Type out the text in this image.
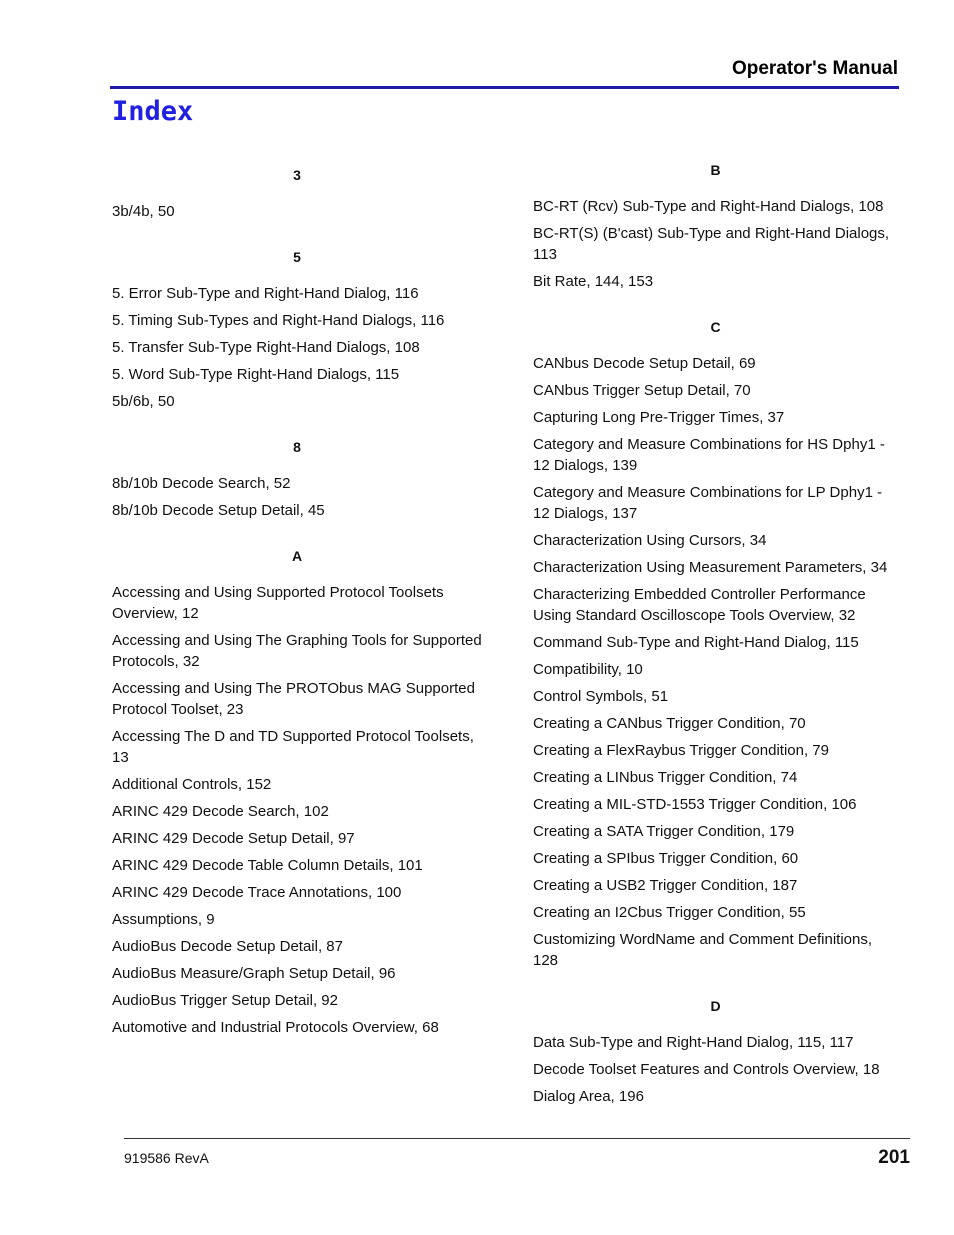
Operator's Manual
Index
3
3b/4b, 50
5
5. Error Sub-Type and Right-Hand Dialog, 116
5. Timing Sub-Types and Right-Hand Dialogs, 116
5. Transfer Sub-Type Right-Hand Dialogs, 108
5. Word Sub-Type Right-Hand Dialogs, 115
5b/6b, 50
8
8b/10b Decode Search, 52
8b/10b Decode Setup Detail, 45
A
Accessing and Using Supported Protocol Toolsets Overview, 12
Accessing and Using The Graphing Tools for Supported Protocols, 32
Accessing and Using The PROTObus MAG Supported Protocol Toolset, 23
Accessing The D and TD Supported Protocol Toolsets, 13
Additional Controls, 152
ARINC 429 Decode Search, 102
ARINC 429 Decode Setup Detail, 97
ARINC 429 Decode Table Column Details, 101
ARINC 429 Decode Trace Annotations, 100
Assumptions, 9
AudioBus Decode Setup Detail, 87
AudioBus Measure/Graph Setup Detail, 96
AudioBus Trigger Setup Detail, 92
Automotive and Industrial Protocols Overview, 68
B
BC-RT (Rcv) Sub-Type and Right-Hand Dialogs, 108
BC-RT(S) (B'cast) Sub-Type and Right-Hand Dialogs, 113
Bit Rate, 144, 153
C
CANbus Decode Setup Detail, 69
CANbus Trigger Setup Detail, 70
Capturing Long Pre-Trigger Times, 37
Category and Measure Combinations for HS Dphy1 - 12 Dialogs, 139
Category and Measure Combinations for LP Dphy1 - 12 Dialogs, 137
Characterization Using Cursors, 34
Characterization Using Measurement Parameters, 34
Characterizing Embedded Controller Performance Using Standard Oscilloscope Tools Overview, 32
Command Sub-Type and Right-Hand Dialog, 115
Compatibility, 10
Control Symbols, 51
Creating a CANbus Trigger Condition, 70
Creating a FlexRaybus Trigger Condition, 79
Creating a LINbus Trigger Condition, 74
Creating a MIL-STD-1553 Trigger Condition, 106
Creating a SATA Trigger Condition, 179
Creating a SPIbus Trigger Condition, 60
Creating a USB2 Trigger Condition, 187
Creating an I2Cbus Trigger Condition, 55
Customizing WordName and Comment Definitions, 128
D
Data Sub-Type and Right-Hand Dialog, 115, 117
Decode Toolset Features and Controls Overview, 18
Dialog Area, 196
919586 RevA	201
